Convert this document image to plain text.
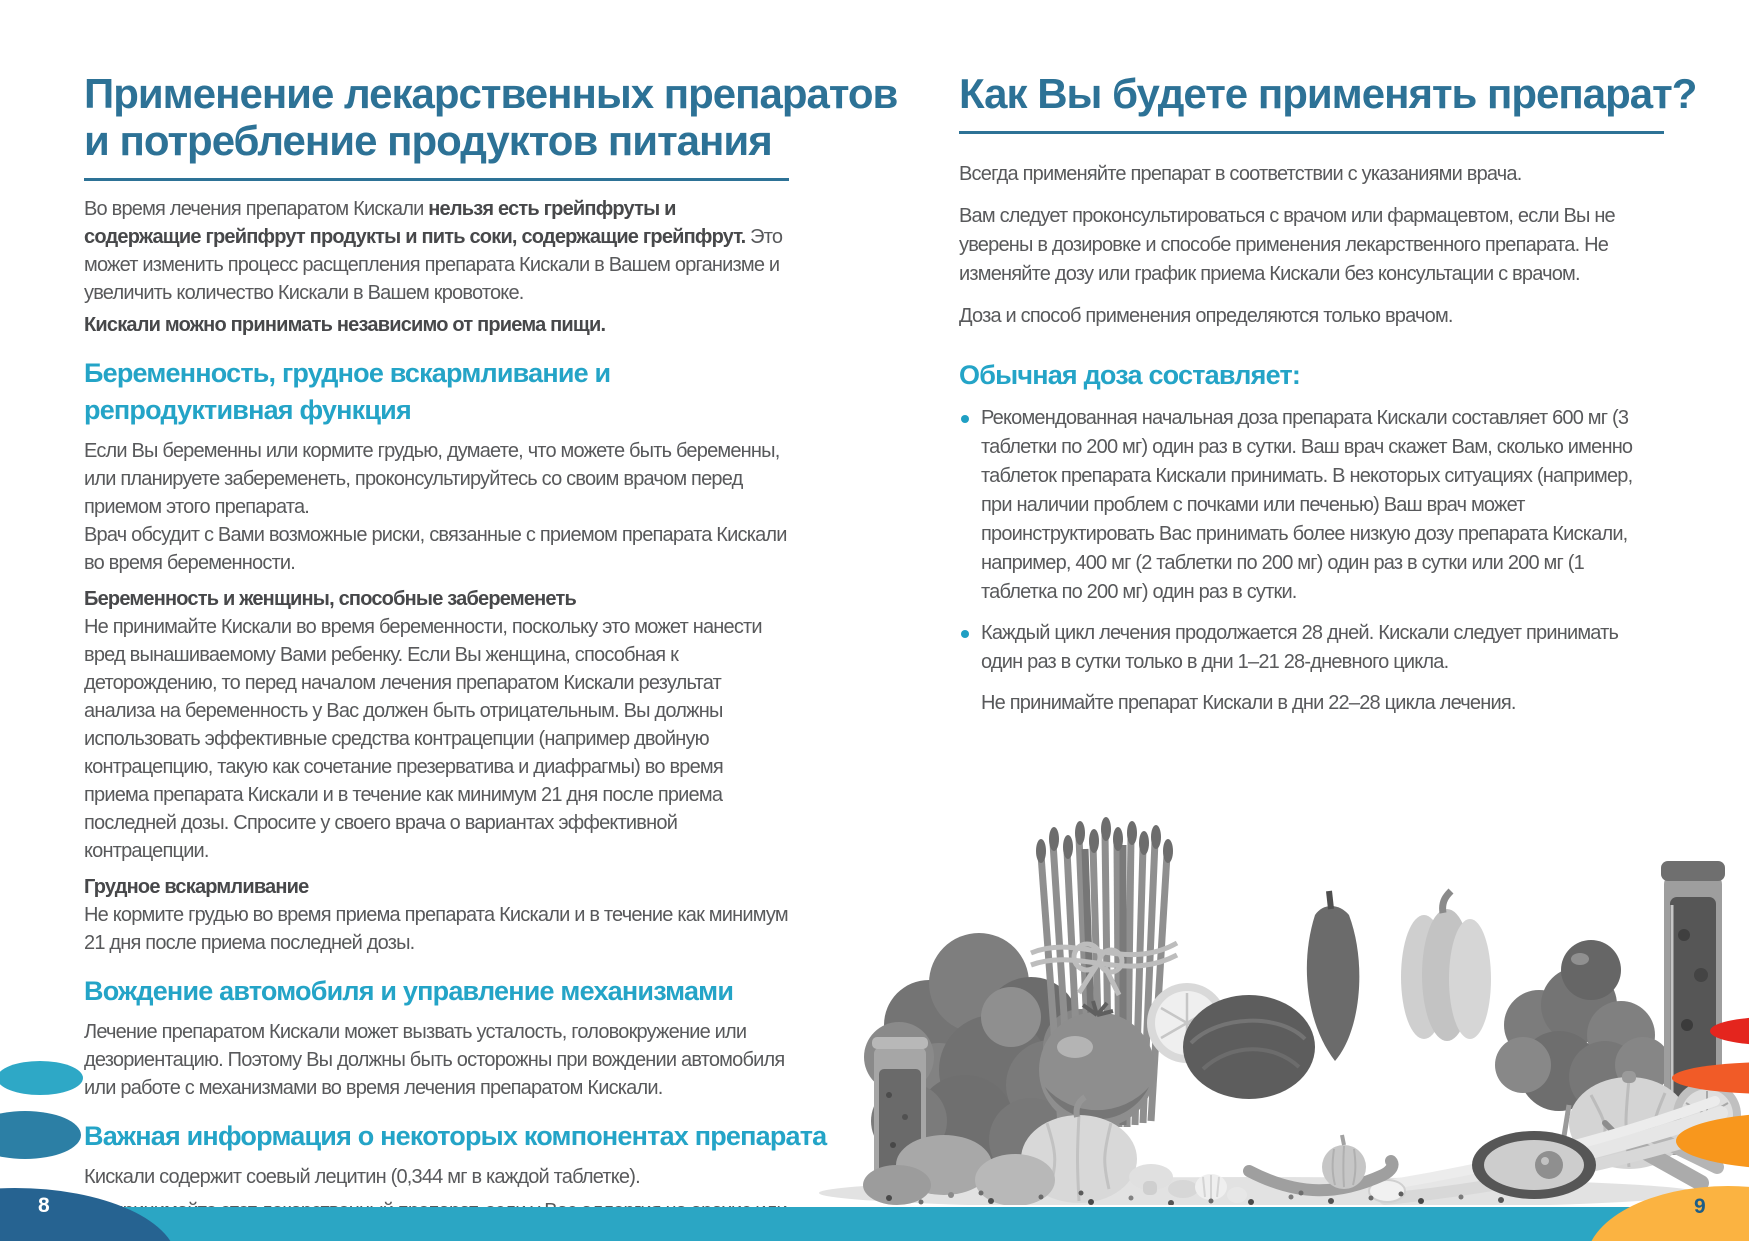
Применение лекарственных препаратов
и потребление продуктов питания

Во время лечения препаратом Кискали нельзя есть грейпфруты и содержащие грейпфрут продукты и пить соки, содержащие грейпфрут. Это может изменить процесс расщепления препарата Кискали в Вашем организме и увеличить количество Кискали в Вашем кровотоке.

Кискали можно принимать независимо от приема пищи.

Беременность, грудное вскармливание и репродуктивная функция

Если Вы беременны или кормите грудью, думаете, что можете быть беременны, или планируете забеременеть, проконсультируйтесь со своим врачом перед приемом этого препарата.

Врач обсудит с Вами возможные риски, связанные с приемом препарата Кискали во время беременности.

Беременность и женщины, способные забеременеть

Не принимайте Кискали во время беременности, поскольку это может нанести вред вынашиваемому Вами ребенку. Если Вы женщина, способная к деторождению, то перед началом лечения препаратом Кискали результат анализа на беременность у Вас должен быть отрицательным. Вы должны использовать эффективные средства контрацепции (например двойную контрацепцию, такую как сочетание презерватива и диафрагмы) во время приема препарата Кискали и в течение как минимум 21 дня после приема последней дозы. Спросите у своего врача о вариантах эффективной контрацепции.

Грудное вскармливание

Не кормите грудью во время приема препарата Кискали и в течение как минимум 21 дня после приема последней дозы.

Вождение автомобиля и управление механизмами

Лечение препаратом Кискали может вызвать усталость, головокружение или дезориентацию. Поэтому Вы должны быть осторожны при вождении автомобиля или работе с механизмами во время лечения препаратом Кискали.

Важная информация о некоторых компонентах препарата

Кискали содержит соевый лецитин (0,344 мг в каждой таблетке).

Как Вы будете применять препарат?

Всегда применяйте препарат в соответствии с указаниями врача.

Вам следует проконсультироваться с врачом или фармацевтом, если Вы не уверены в дозировке и способе применения лекарственного препарата. Не изменяйте дозу или график приема Кискали без консультации с врачом.

Доза и способ применения определяются только врачом.

Обычная доза составляет:
Рекомендованная начальная доза препарата Кискали составляет 600 мг (3 таблетки по 200 мг) один раз в сутки. Ваш врач скажет Вам, сколько именно таблеток препарата Кискали принимать. В некоторых ситуациях (например, при наличии проблем с почками или печенью) Ваш врач может проинструктировать Вас принимать более низкую дозу препарата Кискали, например, 400 мг (2 таблетки по 200 мг) один раз в сутки или 200 мг (1 таблетка по 200 мг) один раз в сутки.
Каждый цикл лечения продолжается 28 дней. Кискали следует принимать один раз в сутки только в дни 1–21 28-дневного цикла.
Не принимайте препарат Кискали в дни 22–28 цикла лечения.
8	9
